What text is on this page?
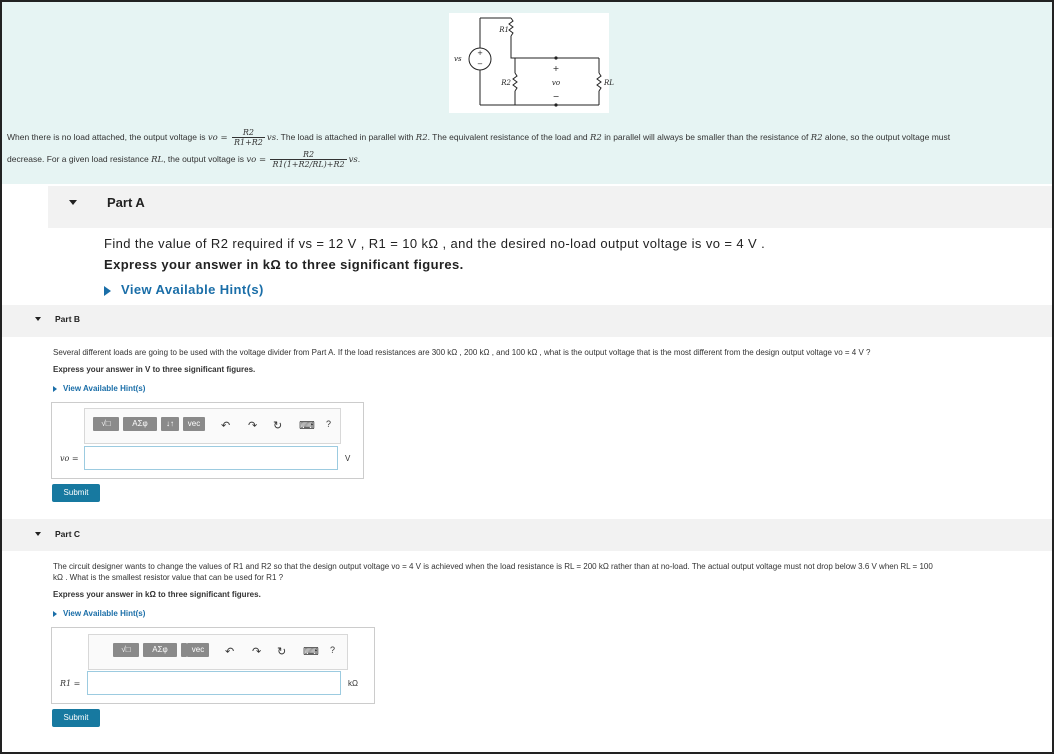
+
−
vs
R1
R2	RL
+
vo
−
When there is no load attached, the output voltage is vo = $\frac{R2}{R1+R2}$ vs. The load is attached in parallel with R2. The equivalent resistance of the load and R2 in parallel will always be smaller than the resistance of R2 alone, so the output voltage must
decrease. For a given load resistance RL, the output voltage is vo = $\frac{R2}{R1(1+R2/RL)+R2}$ vs.
Part A
Find the value of R2 required if vs = 12 V , R1 = 10 kΩ , and the desired no-load output voltage is vo = 4 V .
Express your answer in kΩ to three significant figures.
View Available Hint(s)
Part B
Several different loads are going to be used with the voltage divider from Part A. If the load resistances are 300 kΩ , 200 kΩ , and 100 kΩ , what is the output voltage that is the most different from the design output voltage vo = 4 V ?
Express your answer in V to three significant figures.
View Available Hint(s)
√□	ΑΣφ	↓↑	vec	↶ ↷ ↻ ⌨ ?
vo =	V
Submit
Part C
The circuit designer wants to change the values of R1 and R2 so that the design output voltage vo = 4 V is achieved when the load resistance is RL = 200 kΩ rather than at no-load. The actual output voltage must not drop below 3.6 V when RL = 100
kΩ . What is the smallest resistor value that can be used for R1 ?
Express your answer in kΩ to three significant figures.
View Available Hint(s)
√□	ΑΣφ	vec	↶ ↷ ↻ ⌨ ?
R1 =	kΩ
Submit
